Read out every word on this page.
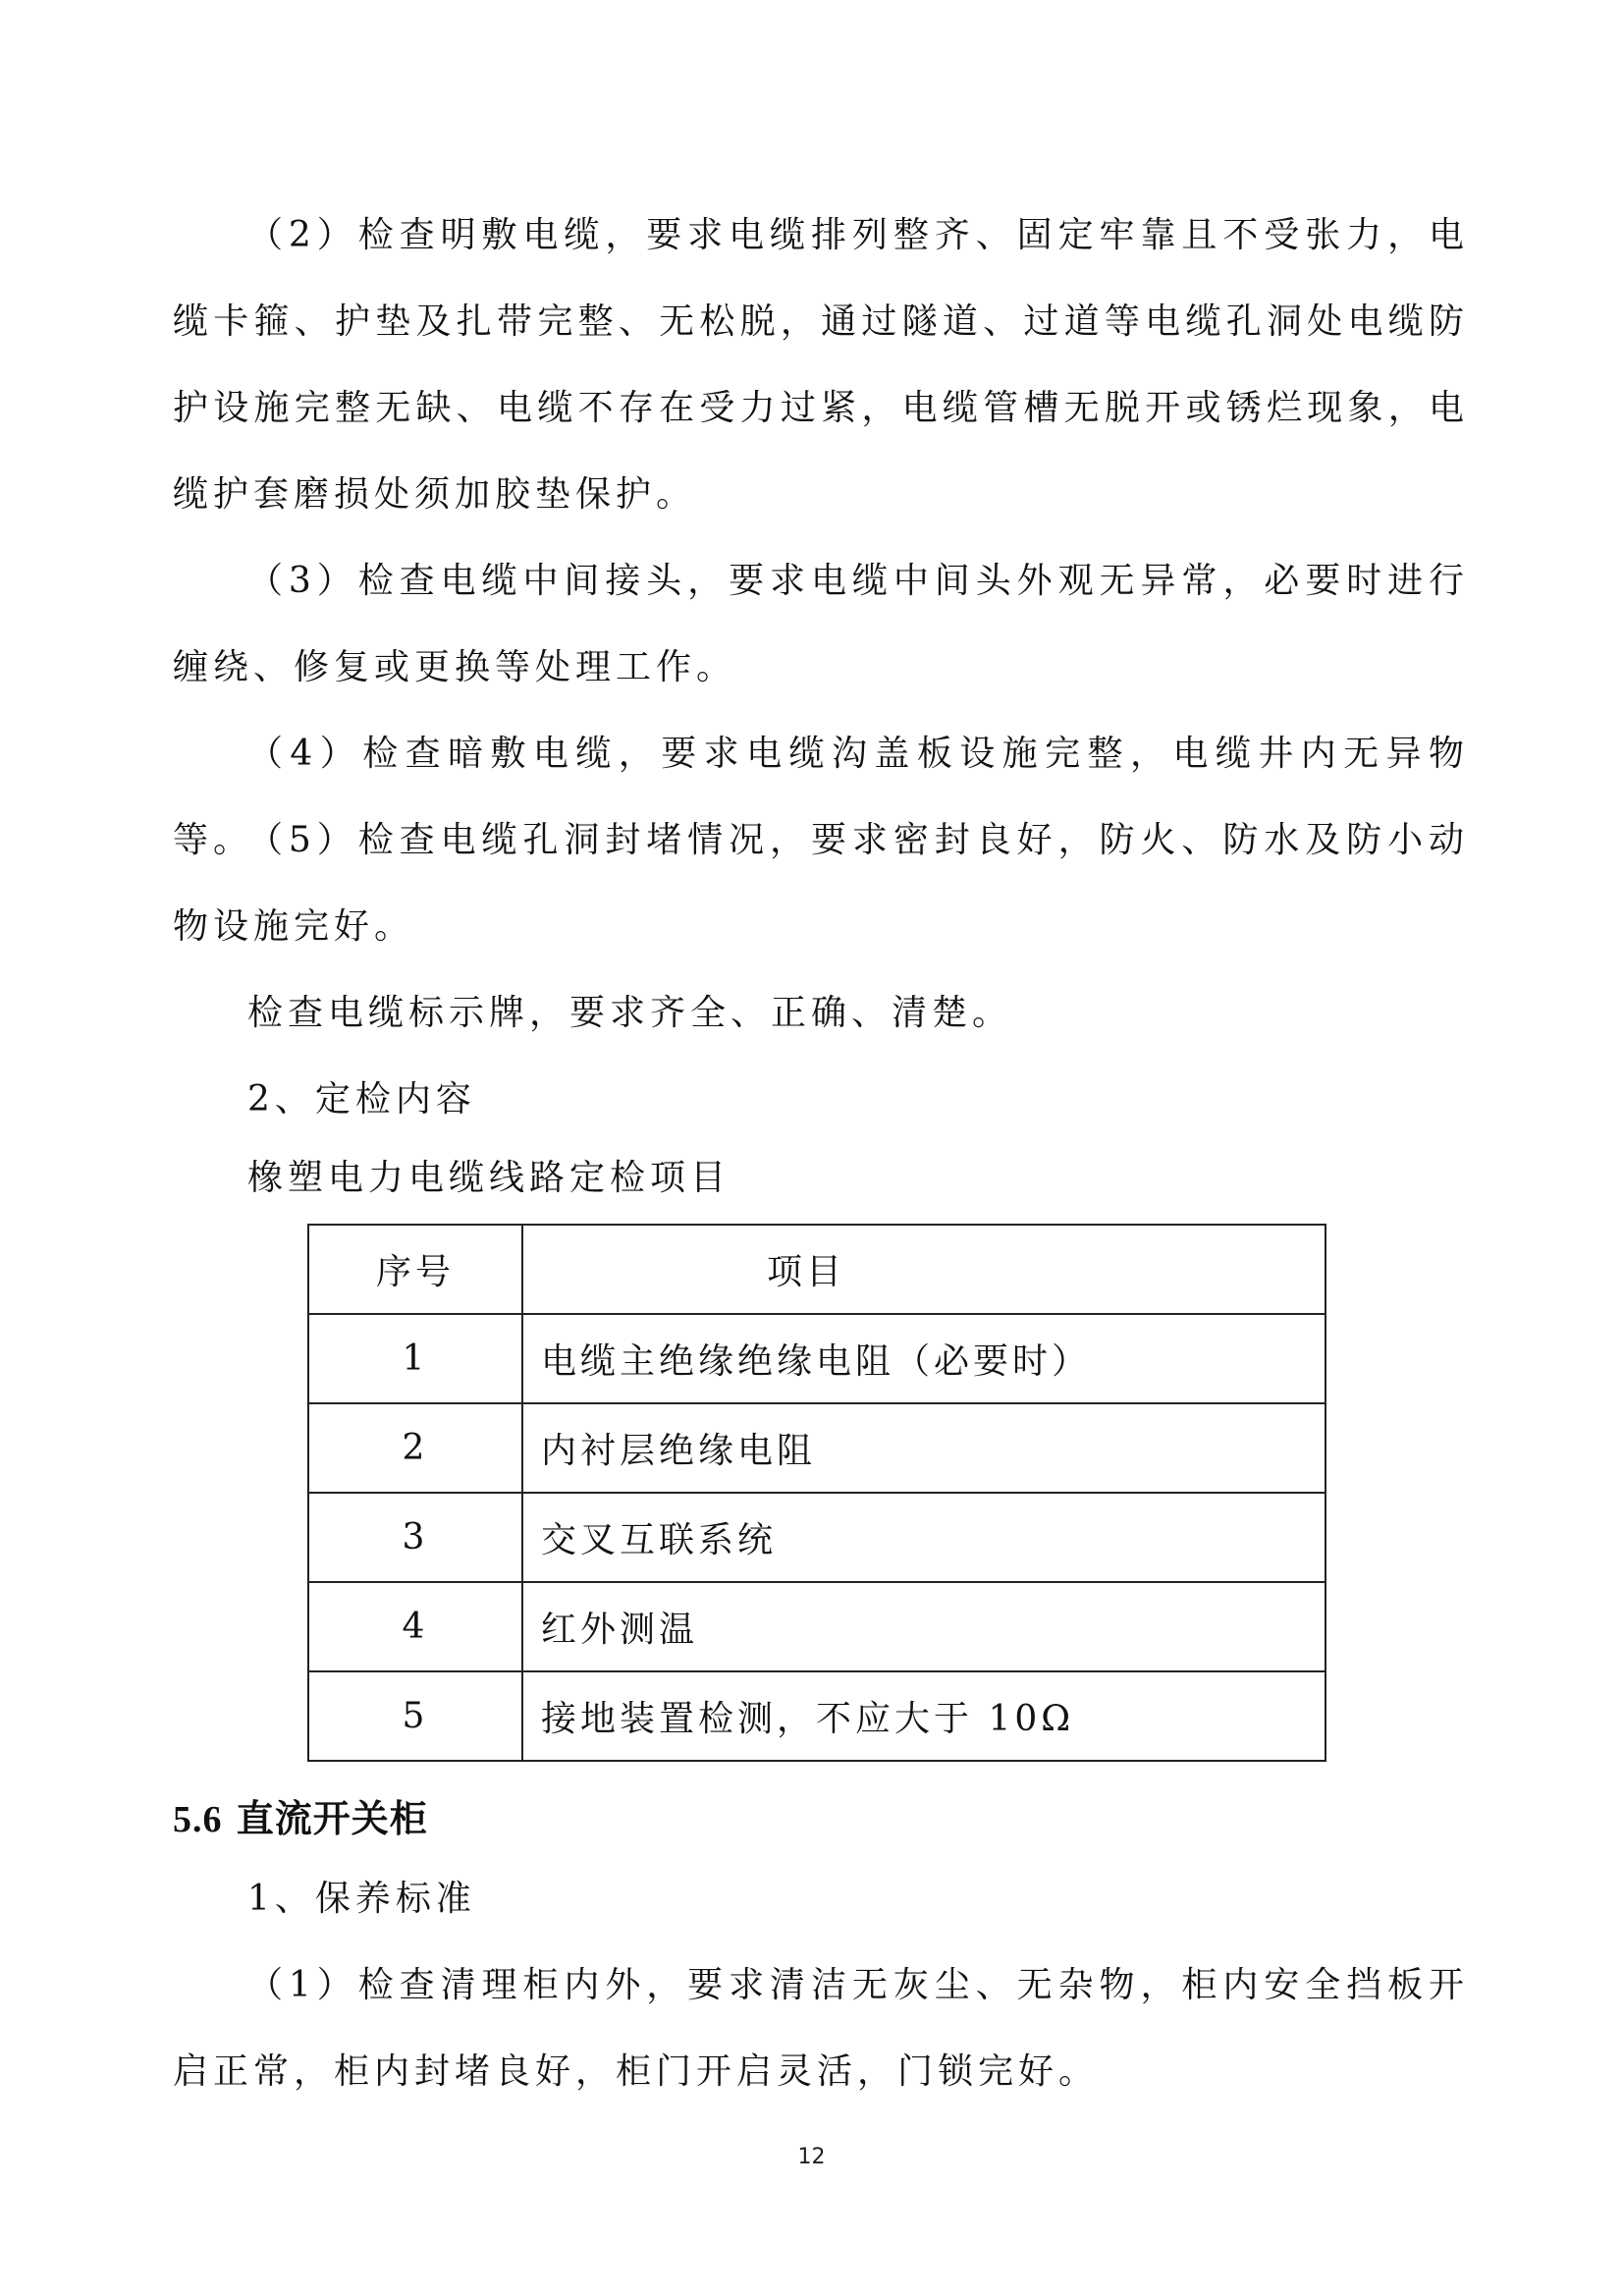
（2）检查明敷电缆，要求电缆排列整齐、固定牢靠且不受张力，电缆卡箍、护垫及扎带完整、无松脱，通过隧道、过道等电缆孔洞处电缆防护设施完整无缺、电缆不存在受力过紧，电缆管槽无脱开或锈烂现象，电缆护套磨损处须加胶垫保护。

（3）检查电缆中间接头，要求电缆中间头外观无异常，必要时进行缠绕、修复或更换等处理工作。

（4）检查暗敷电缆，要求电缆沟盖板设施完整，电缆井内无异物等。

（5）检查电缆孔洞封堵情况，要求密封良好，防火、防水及防小动物设施完好。

检查电缆标示牌，要求齐全、正确、清楚。

2、定检内容

橡塑电力电缆线路定检项目

序号	项目
1	电缆主绝缘绝缘电阻（必要时）
2	内衬层绝缘电阻
3	交叉互联系统
4	红外测温
5	接地装置检测，不应大于 10Ω
5.6 直流开关柜

1、保养标准

（1）检查清理柜内外，要求清洁无灰尘、无杂物，柜内安全挡板开启正常，柜内封堵良好，柜门开启灵活，门锁完好。

12
